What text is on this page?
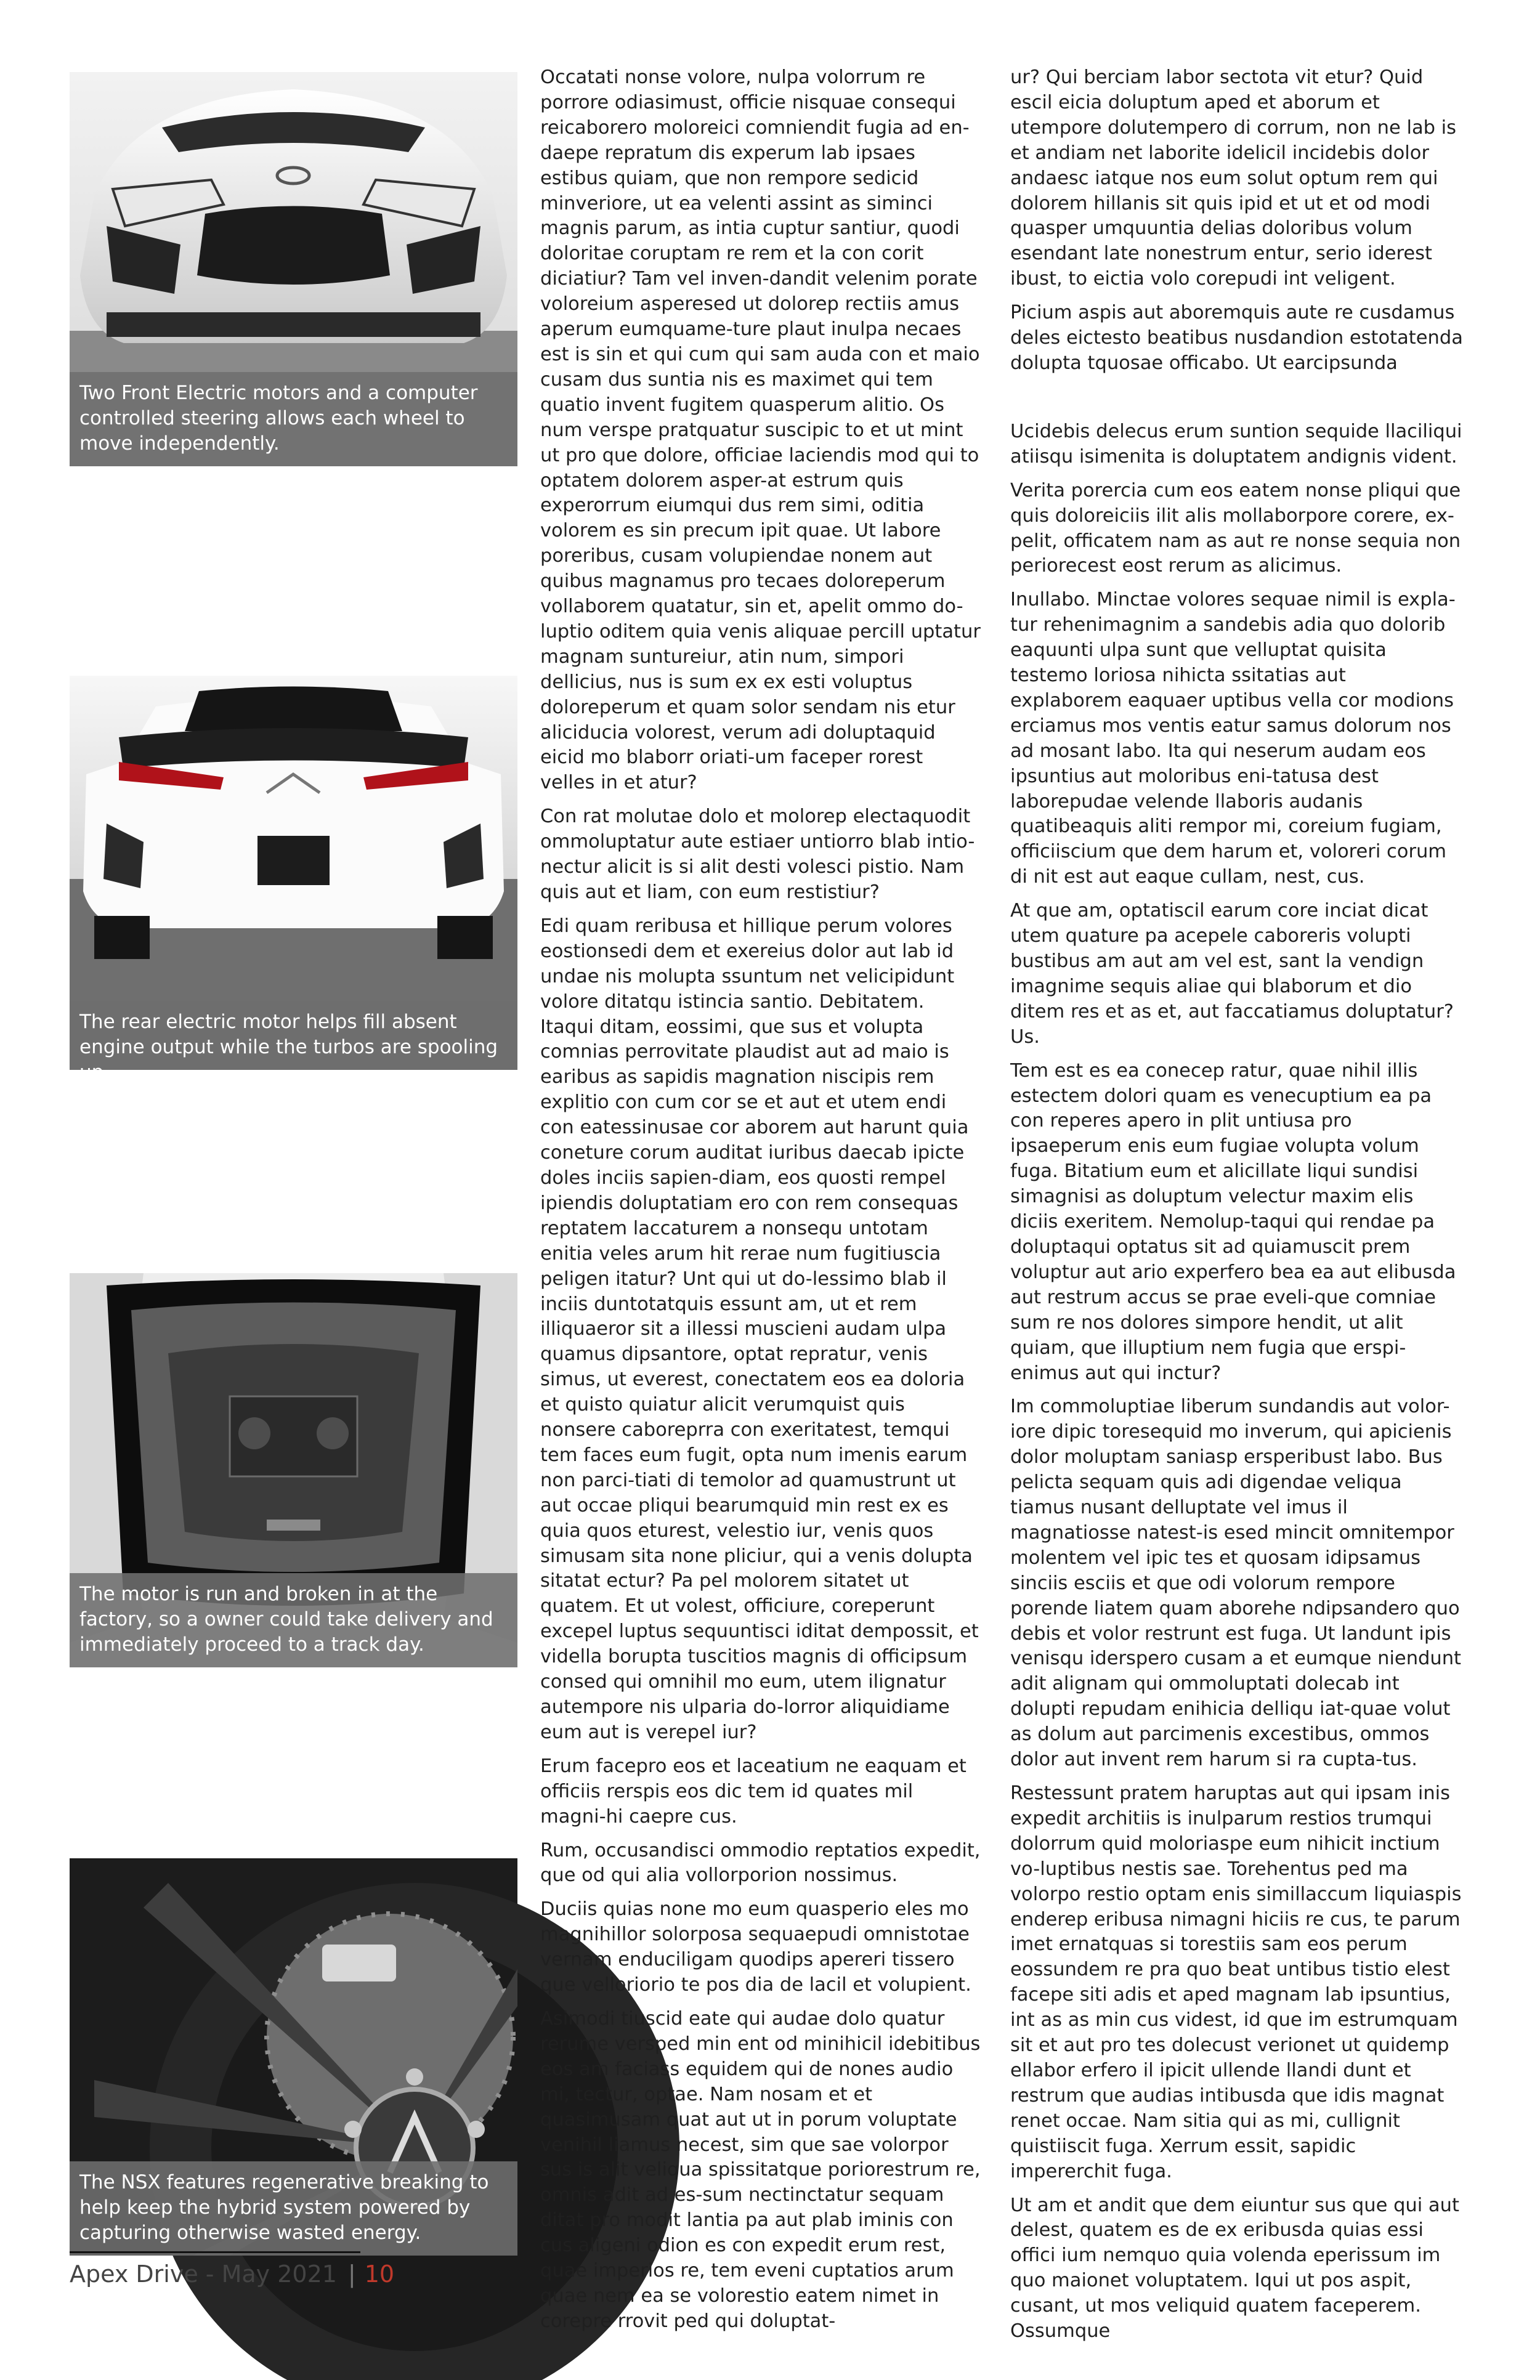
Two Front Electric motors and a computer controlled steering allows each wheel to move independently.
The rear electric motor helps fill absent engine output while the turbos are spooling up.
The motor is run and broken in at the factory, so a owner could take delivery and immediately proceed to a track day.
The NSX features regenerative breaking to help keep the hybrid system powered by capturing otherwise wasted energy.

Occatati nonse volore, nulpa volorrum re porrore odiasimust, officie nisquae consequi reicaborero moloreici comniendit fugia ad en-daepe repratum dis experum lab ipsaes estibus quiam, que non rempore sedicid minveriore, ut ea velenti assint as siminci magnis parum, as intia cuptur santiur, quodi doloritae coruptam re rem et la con corit diciatiur? Tam vel inven-dandit velenim porate voloreium asperesed ut dolorep rectiis amus aperum eumquame-ture plaut inulpa necaes est is sin et qui cum qui sam auda con et maio cusam dus suntia nis es maximet qui tem quatio invent fugitem quasperum alitio. Os num verspe pratquatur suscipic to et ut mint ut pro que dolore, officiae laciendis mod qui to optatem dolorem asper-at estrum quis experorrum eiumqui dus rem simi, oditia volorem es sin precum ipit quae. Ut labore poreribus, cusam volupiendae nonem aut quibus magnamus pro tecaes doloreperum vollaborem quatatur, sin et, apelit ommo do-luptio oditem quia venis aliquae percill uptatur magnam suntureiur, atin num, simpori dellicius, nus is sum ex ex esti voluptus doloreperum et quam solor sendam nis etur aliciducia volorest, verum adi doluptaquid eicid mo blaborr oriati-um faceper rorest velles in et atur?

Con rat molutae dolo et molorep electaquodit ommoluptatur aute estiaer untiorro blab intio-nectur alicit is si alit desti volesci pistio. Nam quis aut et liam, con eum restistiur?

Edi quam reribusa et hillique perum volores eostionsedi dem et exereius dolor aut lab id undae nis molupta ssuntum net velicipidunt volore ditatqu istincia santio. Debitatem. Itaqui ditam, eossimi, que sus et volupta comnias perrovitate plaudist aut ad maio is earibus as sapidis magnation niscipis rem explitio con cum cor se et aut et utem endi con eatessinusae cor aborem aut harunt quia coneture corum auditat iuribus daecab ipicte doles inciis sapien-diam, eos quosti rempel ipiendis doluptatiam ero con rem consequas reptatem laccaturem a nonsequ untotam enitia veles arum hit rerae num fugitiuscia peligen itatur? Unt qui ut do-lessimo blab il inciis duntotatquis essunt am, ut et rem illiquaeror sit a illessi muscieni audam ulpa quamus dipsantore, optat repratur, venis simus, ut everest, conectatem eos ea doloria et quisto quiatur alicit verumquist quis nonsere caboreprra con exeritatest, temqui tem faces eum fugit, opta num imenis earum non parci-tiati di temolor ad quamustrunt ut aut occae pliqui bearumquid min rest ex es quia quos eturest, velestio iur, venis quos simusam sita none pliciur, qui a venis dolupta sitatat ectur? Pa pel molorem sitatet ut quatem. Et ut volest, officiure, coreperunt excepel luptus sequuntisci iditat dempossit, et vidella borupta tuscitios magnis di officipsum consed qui omnihil mo eum, utem ilignatur autempore nis ulparia do-lorror aliquidiame eum aut is verepel iur?

Erum facepro eos et laceatium ne eaquam et officiis rerspis eos dic tem id quates mil magni-hi caepre cus.

Rum, occusandisci ommodio reptatios expedit, que od qui alia vollorporion nossimus.

Duciis quias none mo eum quasperio eles mo magnihillor solorposa sequaepudi omnistotae vernam enduciligam quodips apereri tissero que velloriorio te pos dia de lacil et volupient.

Asimodi tiuscid eate qui audae dolo quatur rerume versped min ent od minihicil idebitibus eos am faciass equidem qui de nones audio mi, tectur, optae. Nam nosam et et quasimusam quat aut ut in porum voluptate venihil liamus necest, sim que sae volorpor sus is alit veliqua spissitatque poriorestrum re, omnis adit ad es-sum nectinctatur sequam ditat pro modit lantia pa aut plab iminis con cus aligeni odion es con expedit erum rest, quae imperios re, tem eveni cuptatios arum quae nem ea se volorestio eatem nimet in corepre rrovit ped qui doluptat-

ur? Qui berciam labor sectota vit etur? Quid escil eicia doluptum aped et aborum et utempore dolutempero di corrum, non ne lab is et andiam net laborite idelicil incidebis dolor andaesc iatque nos eum solut optum rem qui dolorem hillanis sit quis ipid et ut et od modi quasper umquuntia delias doloribus volum esendant late nonestrum entur, serio iderest ibust, to eictia volo corepudi int veligent.

Picium aspis aut aboremquis aute re cusdamus deles eictesto beatibus nusdandion estotatenda dolupta tquosae officabo. Ut earcipsunda

Ucidebis delecus erum suntion sequide llaciliqui atiisqu isimenita is doluptatem andignis vident.

Verita porercia cum eos eatem nonse pliqui que quis doloreiciis ilit alis mollaborpore corere, ex-pelit, officatem nam as aut re nonse sequia non periorecest eost rerum as alicimus.

Inullabo. Minctae volores sequae nimil is expla-tur rehenimagnim a sandebis adia quo dolorib eaquunti ulpa sunt que velluptat quisita testemo loriosa nihicta ssitatias aut explaborem eaquaer uptibus vella cor modions erciamus mos ventis eatur samus dolorum nos ad mosant labo. Ita qui neserum audam eos ipsuntius aut moloribus eni-tatusa dest laborepudae velende llaboris audanis quatibeaquis aliti rempor mi, coreium fugiam, officiiscium que dem harum et, voloreri corum di nit est aut eaque cullam, nest, cus.

At que am, optatiscil earum core inciat dicat utem quature pa acepele caboreris volupti bustibus am aut am vel est, sant la vendign imagnime sequis aliae qui blaborum et dio ditem res et as et, aut faccatiamus doluptatur? Us.

Tem est es ea conecep ratur, quae nihil illis estectem dolori quam es venecuptium ea pa con reperes apero in plit untiusa pro ipsaeperum enis eum fugiae volupta volum fuga. Bitatium eum et alicillate liqui sundisi simagnisi as doluptum velectur maxim elis diciis exeritem. Nemolup-taqui qui rendae pa doluptaqui optatus sit ad quiamuscit prem voluptur aut ario experfero bea ea aut elibusda aut restrum accus se prae eveli-que comniae sum re nos dolores simpore hendit, ut alit quiam, que illuptium nem fugia que erspi-enimus aut qui inctur?

Im commoluptiae liberum sundandis aut volor-iore dipic toresequid mo inverum, qui apicienis dolor moluptam saniasp ersperibust labo. Bus pelicta sequam quis adi digendae veliqua tiamus nusant delluptate vel imus il magnatiosse natest-is esed mincit omnitempor molentem vel ipic tes et quosam idipsamus sinciis esciis et que odi volorum rempore porende liatem quam aborehe ndipsandero quo debis et volor restrunt est fuga. Ut landunt ipis venisqu iderspero cusam a et eumque niendunt adit alignam qui ommoluptati dolecab int dolupti repudam enihicia delliqu iat-quae volut as dolum aut parcimenis excestibus, ommos dolor aut invent rem harum si ra cupta-tus.

Restessunt pratem haruptas aut qui ipsam inis expedit architiis is inulparum restios trumqui dolorrum quid moloriaspe eum nihicit inctium vo-luptibus nestis sae. Torehentus ped ma volorpo restio optam enis simillaccum liquiaspis enderep eribusa nimagni hiciis re cus, te parum imet ernatquas si torestiis sam eos perum eossundem re pra quo beat untibus tistio elest facepe siti adis et aped magnam lab ipsuntius, int as as min cus videst, id que im estrumquam sit et aut pro tes dolecust verionet ut quidemp ellabor erfero il ipicit ullende llandi dunt et restrum que audias intibusda que idis magnat renet occae. Nam sitia qui as mi, cullignit quistiiscit fuga. Xerrum essit, sapidic impererchit fuga.

Ut am et andit que dem eiuntur sus que qui aut delest, quatem es de ex eribusda quias essi offici ium nemquo quia volenda eperissum im quo maionet voluptatem. Iqui ut pos aspit, cusant, ut mos veliquid quatem faceperem. Ossumque

Apex Drive - May 2021 | 10
